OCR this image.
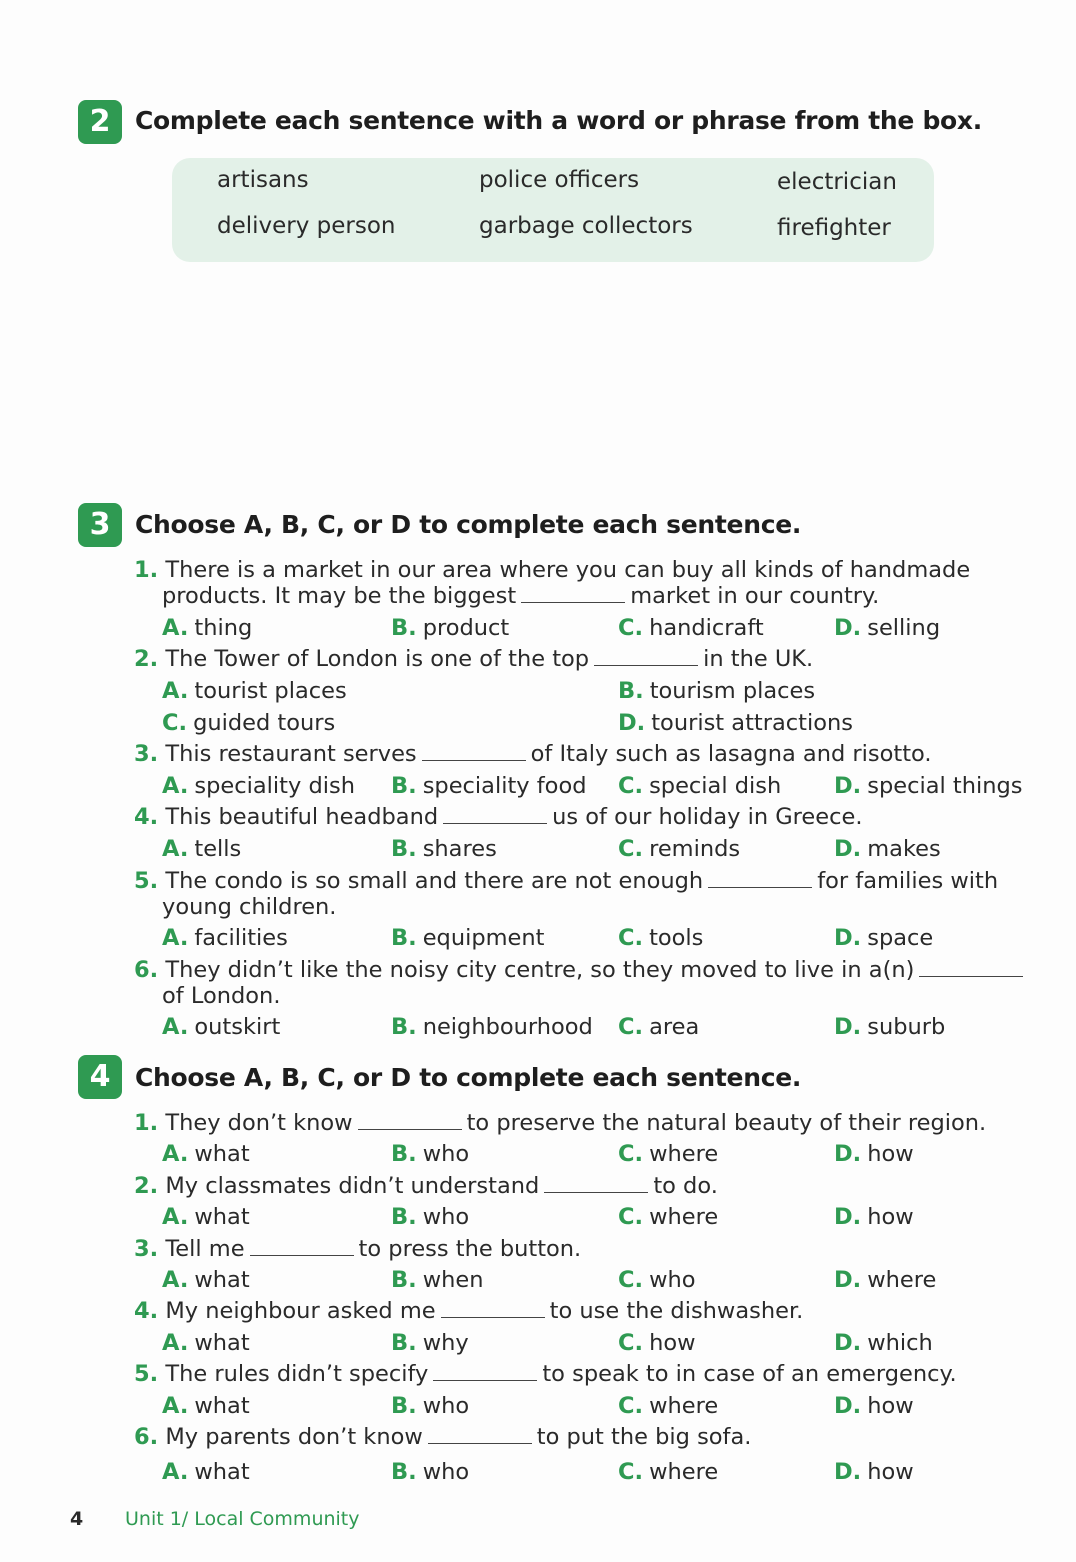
2 Complete each sentence with a word or phrase from the box.
artisans	police officers	electrician
delivery person	garbage collectors	firefighter
3 Choose A, B, C, or D to complete each sentence.
1. There is a market in our area where you can buy all kinds of handmade
products. It may be the biggest	market in our country.
A. thing	B. product	C. handicraft	D. selling
2. The Tower of London is one of the top	in the UK.
A. tourist places	B. tourism places
C. guided tours	D. tourist attractions
3. This restaurant serves	of Italy such as lasagna and risotto.
A. speciality dish B. speciality food C. special dish D. special things
4. This beautiful headband	us of our holiday in Greece.
A. tells	B. shares	C. reminds	D. makes
5. The condo is so small and there are not enough	for families with
young children.
A. facilities	B. equipment	C. tools	D. space
6. They didn’t like the noisy city centre, so they moved to live in a(n)
of London.
A. outskirt	B. neighbourhood C. area	D. suburb
4 Choose A, B, C, or D to complete each sentence.
1. They don’t know	to preserve the natural beauty of their region.
A. what	B. who	C. where	D. how
2. My classmates didn’t understand	to do.
A. what	B. who	C. where	D. how
3. Tell me	to press the button.
A. what	B. when	C. who	D. where
4. My neighbour asked me	to use the dishwasher.
A. what	B. why	C. how	D. which
5. The rules didn’t specify	to speak to in case of an emergency.
A. what	B. who	C. where	D. how
6. My parents don’t know	to put the big sofa.
A. what	B. who	C. where	D. how
4 Unit 1/ Local Community
